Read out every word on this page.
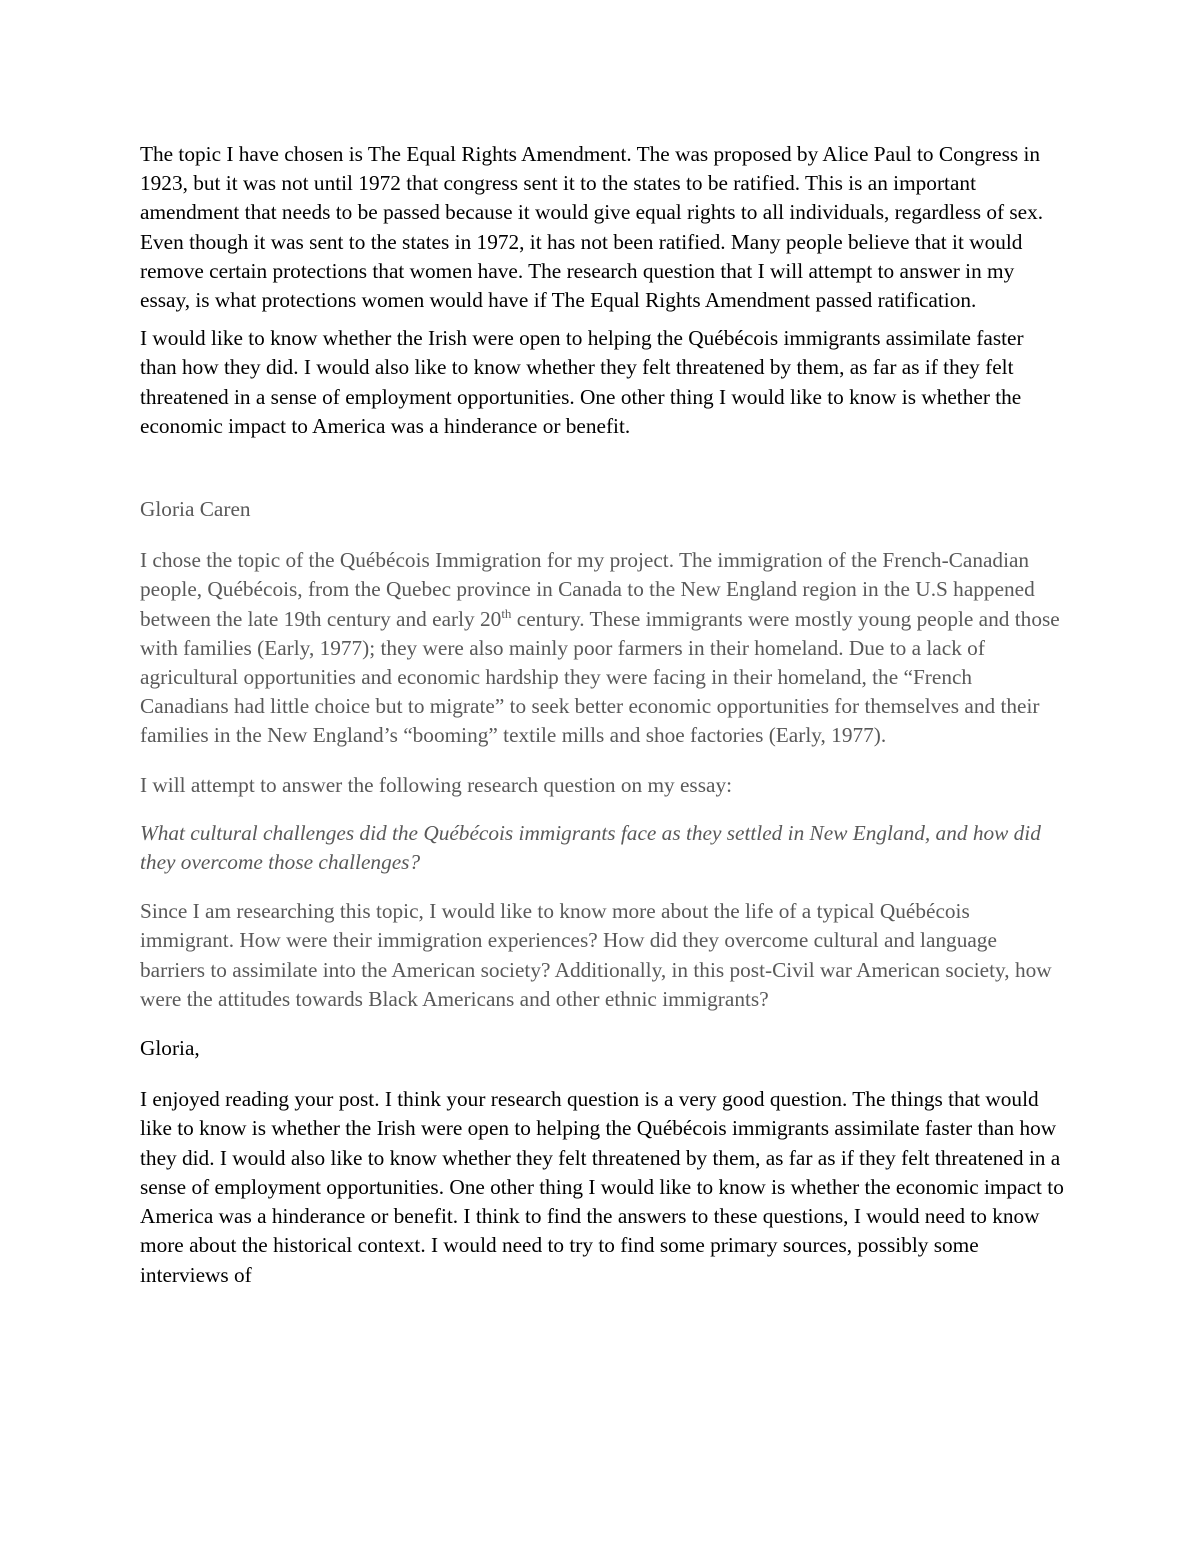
The topic I have chosen is The Equal Rights Amendment. The was proposed by Alice Paul to Congress in 1923, but it was not until 1972 that congress sent it to the states to be ratified. This is an important amendment that needs to be passed because it would give equal rights to all individuals, regardless of sex. Even though it was sent to the states in 1972, it has not been ratified. Many people believe that it would remove certain protections that women have. The research question that I will attempt to answer in my essay, is what protections women would have if The Equal Rights Amendment passed ratification.

I would like to know whether the Irish were open to helping the Québécois immigrants assimilate faster than how they did. I would also like to know whether they felt threatened by them, as far as if they felt threatened in a sense of employment opportunities. One other thing I would like to know is whether the economic impact to America was a hinderance or benefit.

Gloria Caren

I chose the topic of the Québécois Immigration for my project. The immigration of the French-Canadian people, Québécois, from the Quebec province in Canada to the New England region in the U.S happened between the late 19th century and early 20th century. These immigrants were mostly young people and those with families (Early, 1977); they were also mainly poor farmers in their homeland. Due to a lack of agricultural opportunities and economic hardship they were facing in their homeland, the “French Canadians had little choice but to migrate” to seek better economic opportunities for themselves and their families in the New England’s “booming” textile mills and shoe factories (Early, 1977).

I will attempt to answer the following research question on my essay:

What cultural challenges did the Québécois immigrants face as they settled in New England, and how did they overcome those challenges?

Since I am researching this topic, I would like to know more about the life of a typical Québécois immigrant. How were their immigration experiences? How did they overcome cultural and language barriers to assimilate into the American society? Additionally, in this post-Civil war American society, how were the attitudes towards Black Americans and other ethnic immigrants?

Gloria,

I enjoyed reading your post. I think your research question is a very good question. The things that would like to know is whether the Irish were open to helping the Québécois immigrants assimilate faster than how they did. I would also like to know whether they felt threatened by them, as far as if they felt threatened in a sense of employment opportunities. One other thing I would like to know is whether the economic impact to America was a hinderance or benefit. I think to find the answers to these questions, I would need to know more about the historical context. I would need to try to find some primary sources, possibly some interviews of
